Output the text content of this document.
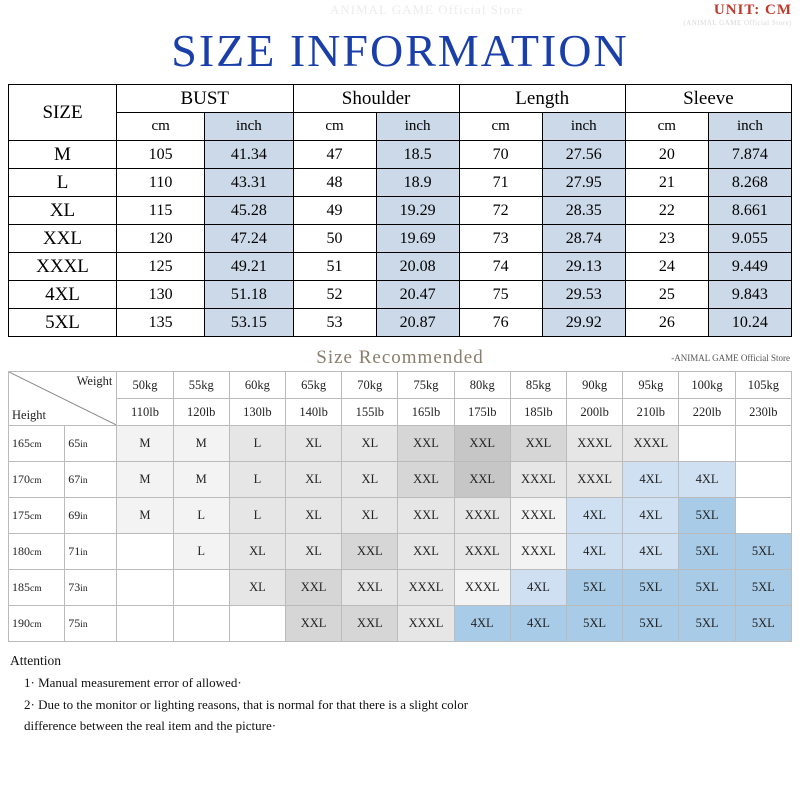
ANIMAL GAME Official Store	UNIT: CM
(ANIMAL GAME Official Store)
SIZE INFORMATION
SIZE	BUST		Shoulder		Length		Sleeve	
	cm	inch	cm	inch	cm	inch	cm	inch
M	105	41.34	47	18.5	70	27.56	20	7.874
L	110	43.31	48	18.9	71	27.95	21	8.268
XL	115	45.28	49	19.29	72	28.35	22	8.661
XXL	120	47.24	50	19.69	73	28.74	23	9.055
XXXL	125	49.21	51	20.08	74	29.13	24	9.449
4XL	130	51.18	52	20.47	75	29.53	25	9.843
5XL	135	53.15	53	20.87	76	29.92	26	10.24
Size Recommended	-ANIMAL GAME Official Store
Weight
Height		50kg	55kg	60kg	65kg	70kg	75kg	80kg	85kg	90kg	95kg	100kg	105kg
		110lb	120lb	130lb	140lb	155lb	165lb	175lb	185lb	200lb	210lb	220lb	230lb
165cm	65in	M	M	L	XL	XL	XXL	XXL	XXL	XXXL	XXXL		
170cm	67in	M	M	L	XL	XL	XXL	XXL	XXXL	XXXL	4XL	4XL	
175cm	69in	M	L	L	XL	XL	XXL	XXXL	XXXL	4XL	4XL	5XL	
180cm	71in		L	XL	XL	XXL	XXL	XXXL	XXXL	4XL	4XL	5XL	5XL
185cm	73in			XL	XXL	XXL	XXXL	XXXL	4XL	5XL	5XL	5XL	5XL
190cm	75in				XXL	XXL	XXXL	4XL	4XL	5XL	5XL	5XL	5XL
Attention
1· Manual measurement error of allowed·
2· Due to the monitor or lighting reasons, that is normal for that there is a slight color
difference between the real item and the picture·
